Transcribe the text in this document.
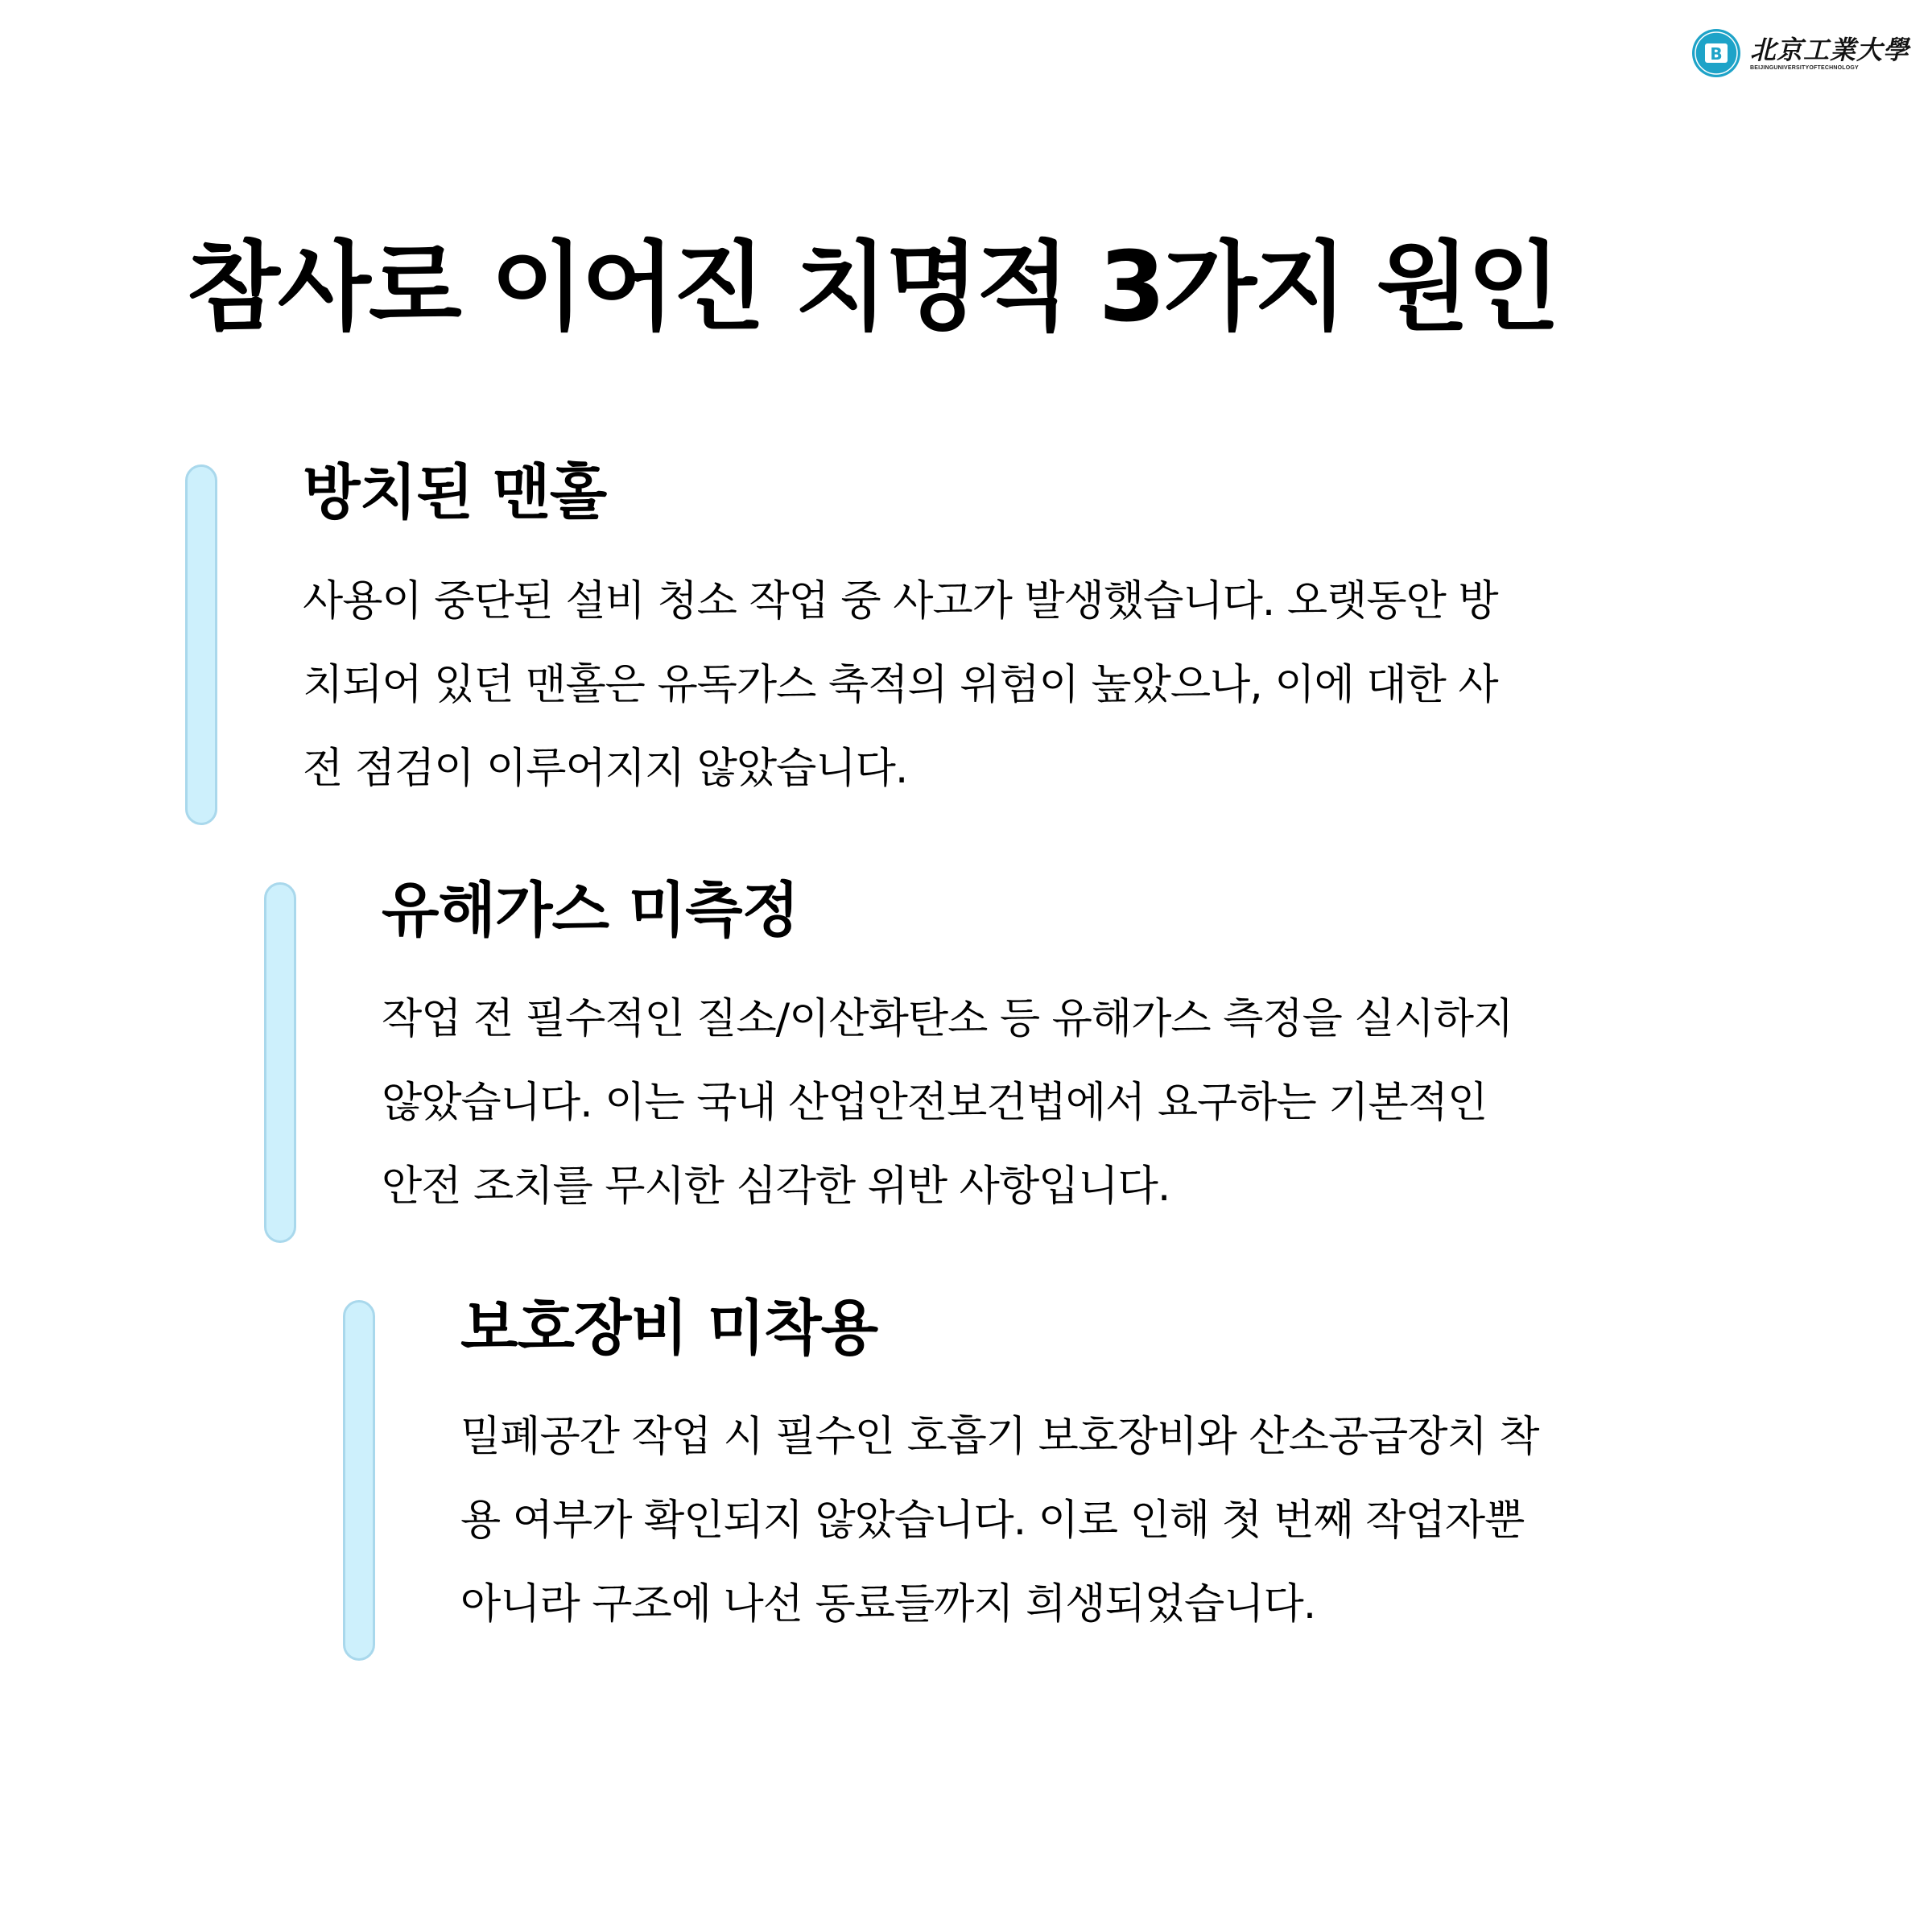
B 北京工業大學
BEIJINGUNIVERSITYOFTECHNOLOGY
참사로 이어진 치명적 3가지 원인
방치된 맨홀

사용이 중단된 설비 청소 작업 중 사고가 발생했습니다. 오랫동안 방
치되어 있던 맨홀은 유독가스 축적의 위험이 높았으나, 이에 대한 사
전 점검이 이루어지지 않았습니다.

유해가스 미측정

작업 전 필수적인 질소/이산화탄소 등 유해가스 측정을 실시하지
않았습니다. 이는 국내 산업안전보건법에서 요구하는 기본적인
안전 조치를 무시한 심각한 위반 사항입니다.

보호장비 미착용

밀폐공간 작업 시 필수인 호흡기 보호장비와 산소공급장치 착
용 여부가 확인되지 않았습니다. 이로 인해 첫 번째 작업자뿐
아니라 구조에 나선 동료들까지 희생되었습니다.
